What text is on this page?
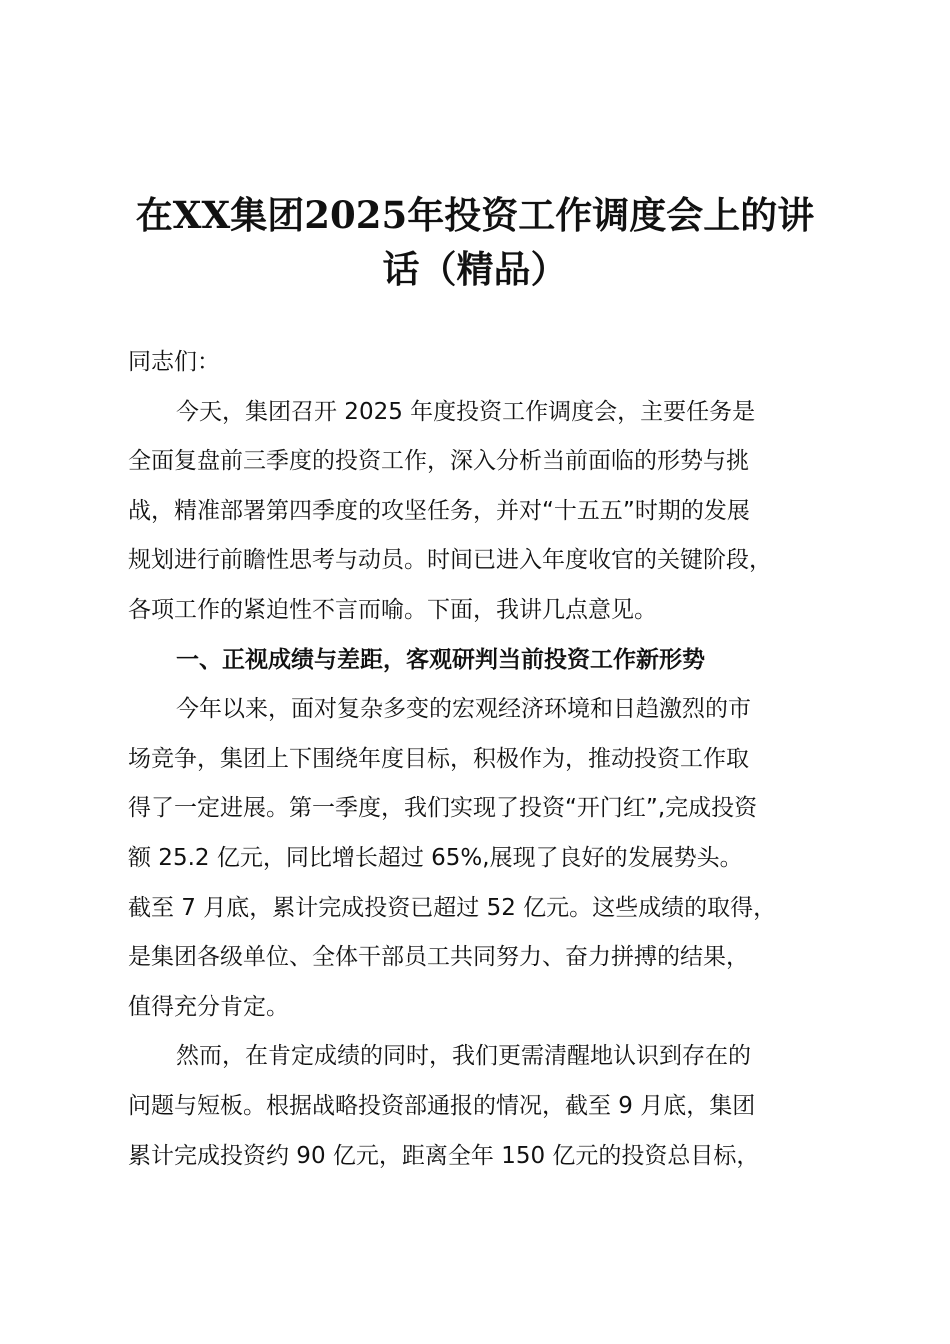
在XX集团2025年投资工作调度会上的讲
话（精品）
同志们：
今天，集团召开 2025 年度投资工作调度会，主要任务是
全面复盘前三季度的投资工作，深入分析当前面临的形势与挑
战，精准部署第四季度的攻坚任务，并对“十五五”时期的发展
规划进行前瞻性思考与动员。时间已进入年度收官的关键阶段，
各项工作的紧迫性不言而喻。下面，我讲几点意见。
一、正视成绩与差距，客观研判当前投资工作新形势
今年以来，面对复杂多变的宏观经济环境和日趋激烈的市
场竞争，集团上下围绕年度目标，积极作为，推动投资工作取
得了一定进展。第一季度，我们实现了投资“开门红”,完成投资
额 25.2 亿元，同比增长超过 65%,展现了良好的发展势头。
截至 7 月底，累计完成投资已超过 52 亿元。这些成绩的取得，
是集团各级单位、全体干部员工共同努力、奋力拼搏的结果，
值得充分肯定。
然而，在肯定成绩的同时，我们更需清醒地认识到存在的
问题与短板。根据战略投资部通报的情况，截至 9 月底，集团
累计完成投资约 90 亿元，距离全年 150 亿元的投资总目标，
